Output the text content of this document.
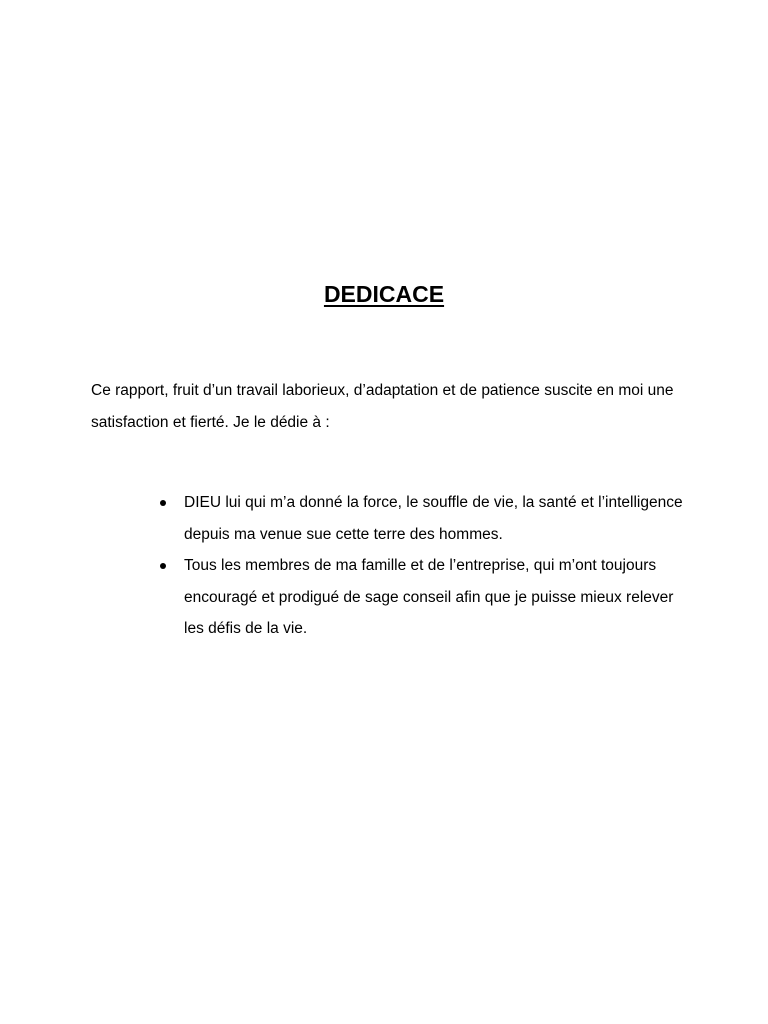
DEDICACE

Ce rapport, fruit d’un travail laborieux, d’adaptation et de patience suscite en moi une satisfaction et fierté. Je le dédie à :

DIEU lui qui m’a donné la force, le souffle de vie, la santé et l’intelligence depuis ma venue sue cette terre des hommes.
Tous les membres de ma famille et de l’entreprise, qui m’ont toujours encouragé et prodigué de sage conseil afin que je puisse mieux relever les défis de la vie.
